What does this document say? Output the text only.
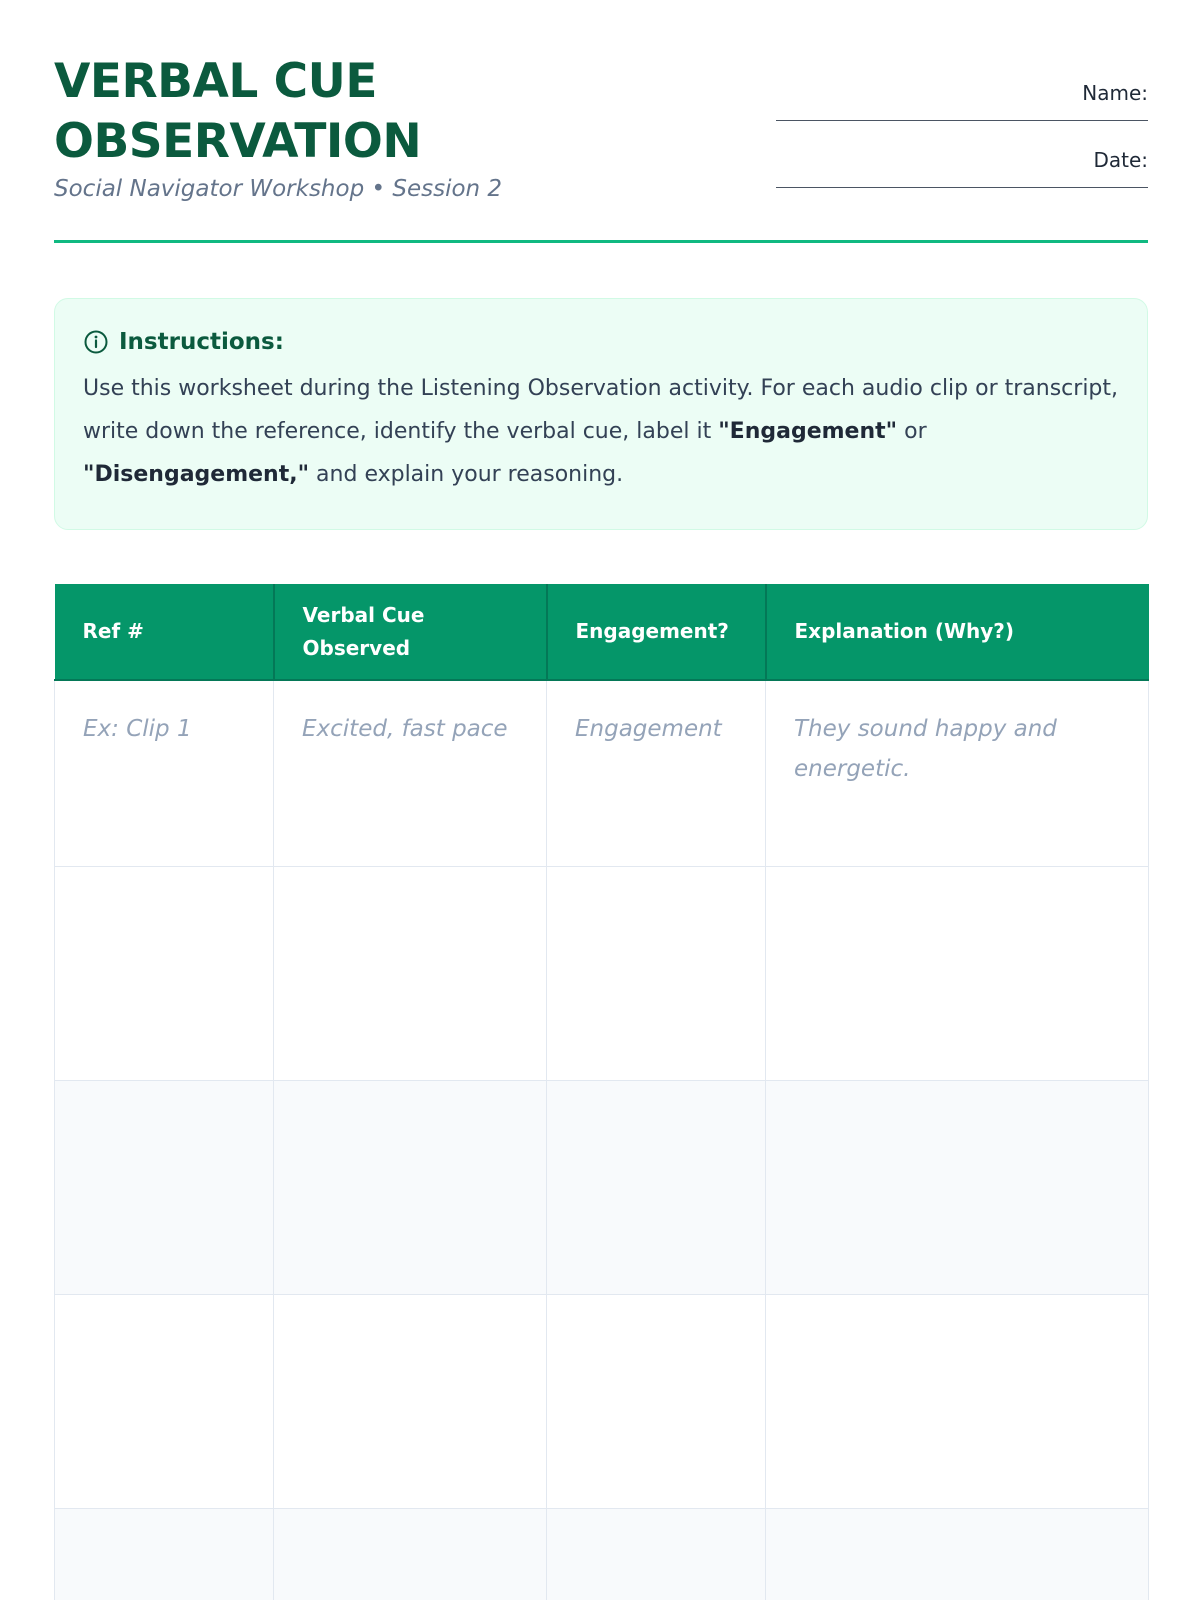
VERBAL CUE
OBSERVATION
Social Navigator Workshop • Session 2
Name:
Date:
Instructions:
Use this worksheet during the Listening Observation activity. For each audio clip or transcript, write down the reference, identify the verbal cue, label it "Engagement" or "Disengagement," and explain your reasoning.
Ref #	Verbal Cue Observed	Engagement?	Explanation (Why?)
Ex: Clip 1	Excited, fast pace	Engagement	They sound happy and energetic.
